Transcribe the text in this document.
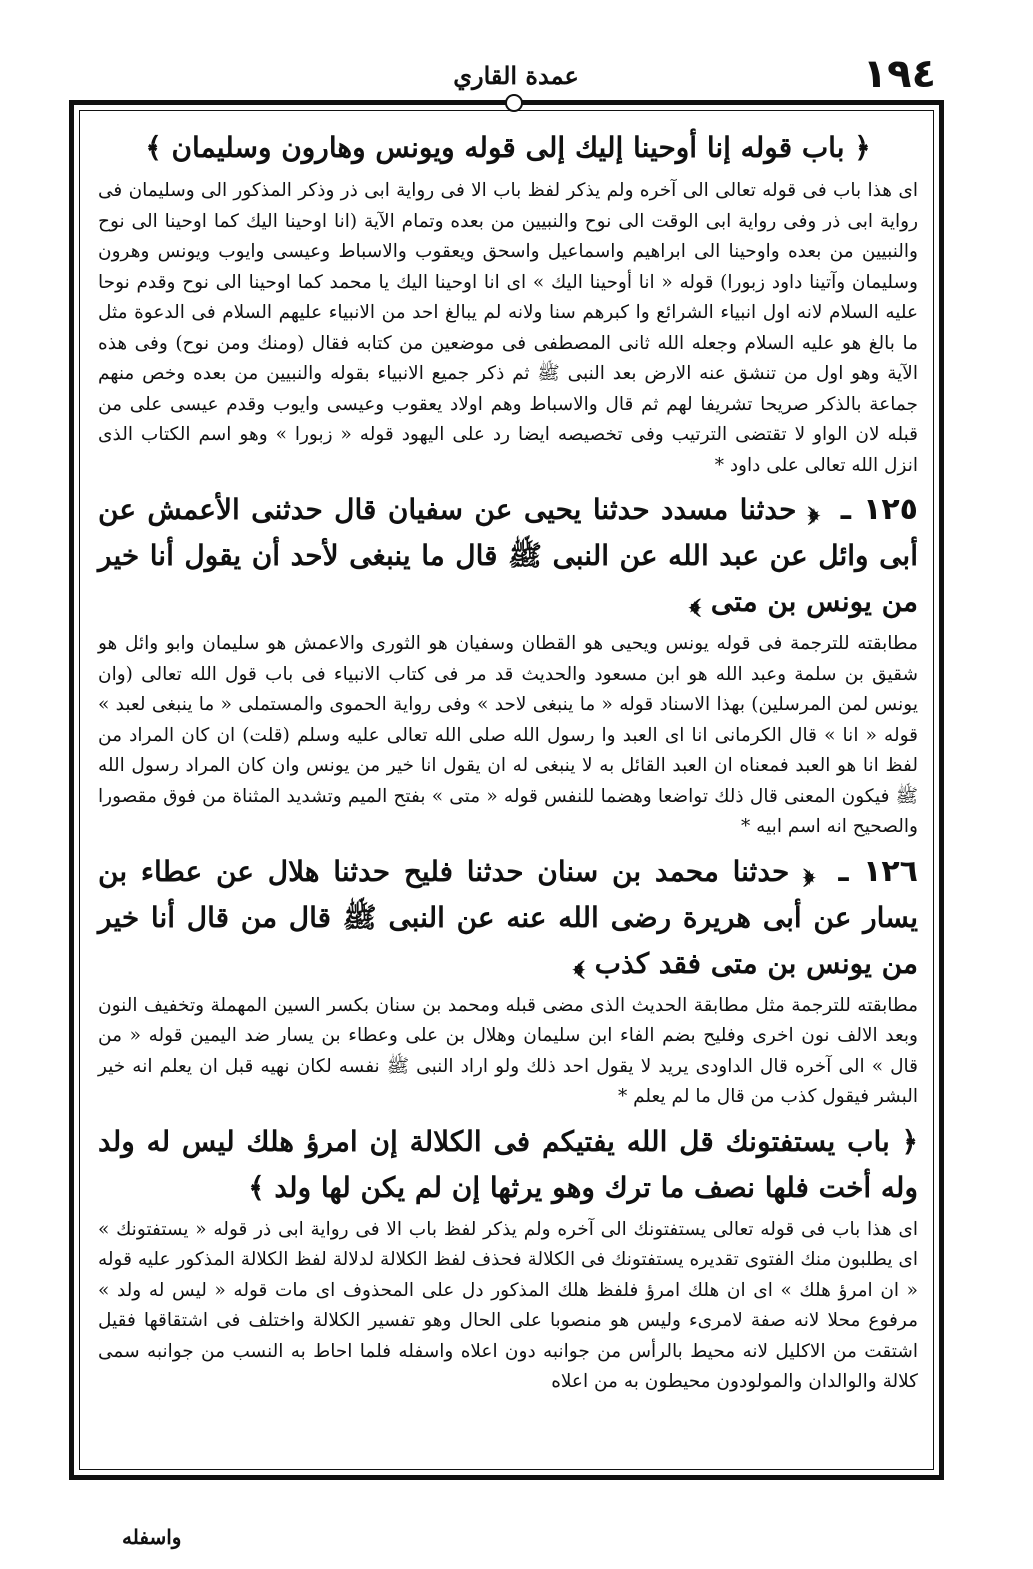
١٩٤
عمدة القاري
﴿ باب قوله إنا أوحينا إليك إلى قوله ويونس وهارون وسليمان ﴾

اى هذا باب فى قوله تعالى الى آخره ولم يذكر لفظ باب الا فى رواية ابى ذر وذكر المذكور الى وسليمان فى رواية ابى ذر وفى رواية ابى الوقت الى نوح والنبيين من بعده وتمام الآية (انا اوحينا اليك كما اوحينا الى نوح والنبيين من بعده واوحينا الى ابراهيم واسماعيل واسحق ويعقوب والاسباط وعيسى وايوب ويونس وهرون وسليمان وآتينا داود زبورا) قوله « انا أوحينا اليك » اى انا اوحينا اليك يا محمد كما اوحينا الى نوح وقدم نوحا عليه السلام لانه اول انبياء الشرائع وا كبرهم سنا ولانه لم يبالغ احد من الانبياء عليهم السلام فى الدعوة مثل ما بالغ هو عليه السلام وجعله الله ثانى المصطفى فى موضعين من كتابه فقال (ومنك ومن نوح) وفى هذه الآية وهو اول من تنشق عنه الارض بعد النبى ﷺ ثم ذكر جميع الانبياء بقوله والنبيين من بعده وخص منهم جماعة بالذكر صريحا تشريفا لهم ثم قال والاسباط وهم اولاد يعقوب وعيسى وايوب وقدم عيسى على من قبله لان الواو لا تقتضى الترتيب وفى تخصيصه ايضا رد على اليهود قوله « زبورا » وهو اسم الكتاب الذى انزل الله تعالى على داود *

١٢٥ ـ ﴿ حدثنا مسدد حدثنا يحيى عن سفيان قال حدثنى الأعمش عن أبى وائل عن عبد الله عن النبى ﷺ قال ما ينبغى لأحد أن يقول أنا خير من يونس بن متى ﴾

مطابقته للترجمة فى قوله يونس ويحيى هو القطان وسفيان هو الثورى والاعمش هو سليمان وابو وائل هو شقيق بن سلمة وعبد الله هو ابن مسعود والحديث قد مر فى كتاب الانبياء فى باب قول الله تعالى (وان يونس لمن المرسلين) بهذا الاسناد قوله « ما ينبغى لاحد » وفى رواية الحموى والمستملى « ما ينبغى لعبد » قوله « انا » قال الكرمانى انا اى العبد وا رسول الله صلى الله تعالى عليه وسلم (قلت) ان كان المراد من لفظ انا هو العبد فمعناه ان العبد القائل به لا ينبغى له ان يقول انا خير من يونس وان كان المراد رسول الله ﷺ فيكون المعنى قال ذلك تواضعا وهضما للنفس قوله « متى » بفتح الميم وتشديد المثناة من فوق مقصورا والصحيح انه اسم ابيه *

١٢٦ ـ ﴿ حدثنا محمد بن سنان حدثنا فليح حدثنا هلال عن عطاء بن يسار عن أبى هريرة رضى الله عنه عن النبى ﷺ قال من قال أنا خير من يونس بن متى فقد كذب ﴾

مطابقته للترجمة مثل مطابقة الحديث الذى مضى قبله ومحمد بن سنان بكسر السين المهملة وتخفيف النون وبعد الالف نون اخرى وفليح بضم الفاء ابن سليمان وهلال بن على وعطاء بن يسار ضد اليمين قوله « من قال » الى آخره قال الداودى يريد لا يقول احد ذلك ولو اراد النبى ﷺ نفسه لكان نهيه قبل ان يعلم انه خير البشر فيقول كذب من قال ما لم يعلم *

﴿ باب يستفتونك قل الله يفتيكم فى الكلالة إن امرؤ هلك ليس له ولد وله أخت فلها نصف ما ترك وهو يرثها إن لم يكن لها ولد ﴾

اى هذا باب فى قوله تعالى يستفتونك الى آخره ولم يذكر لفظ باب الا فى رواية ابى ذر قوله « يستفتونك » اى يطلبون منك الفتوى تقديره يستفتونك فى الكلالة فحذف لفظ الكلالة لدلالة لفظ الكلالة المذكور عليه قوله « ان امرؤ هلك » اى ان هلك امرؤ فلفظ هلك المذكور دل على المحذوف اى مات قوله « ليس له ولد » مرفوع محلا لانه صفة لامرىء وليس هو منصوبا على الحال وهو تفسير الكلالة واختلف فى اشتقاقها فقيل اشتقت من الاكليل لانه محيط بالرأس من جوانبه دون اعلاه واسفله فلما احاط به النسب من جوانبه سمى كلالة والوالدان والمولودون محيطون به من اعلاه

واسفله
